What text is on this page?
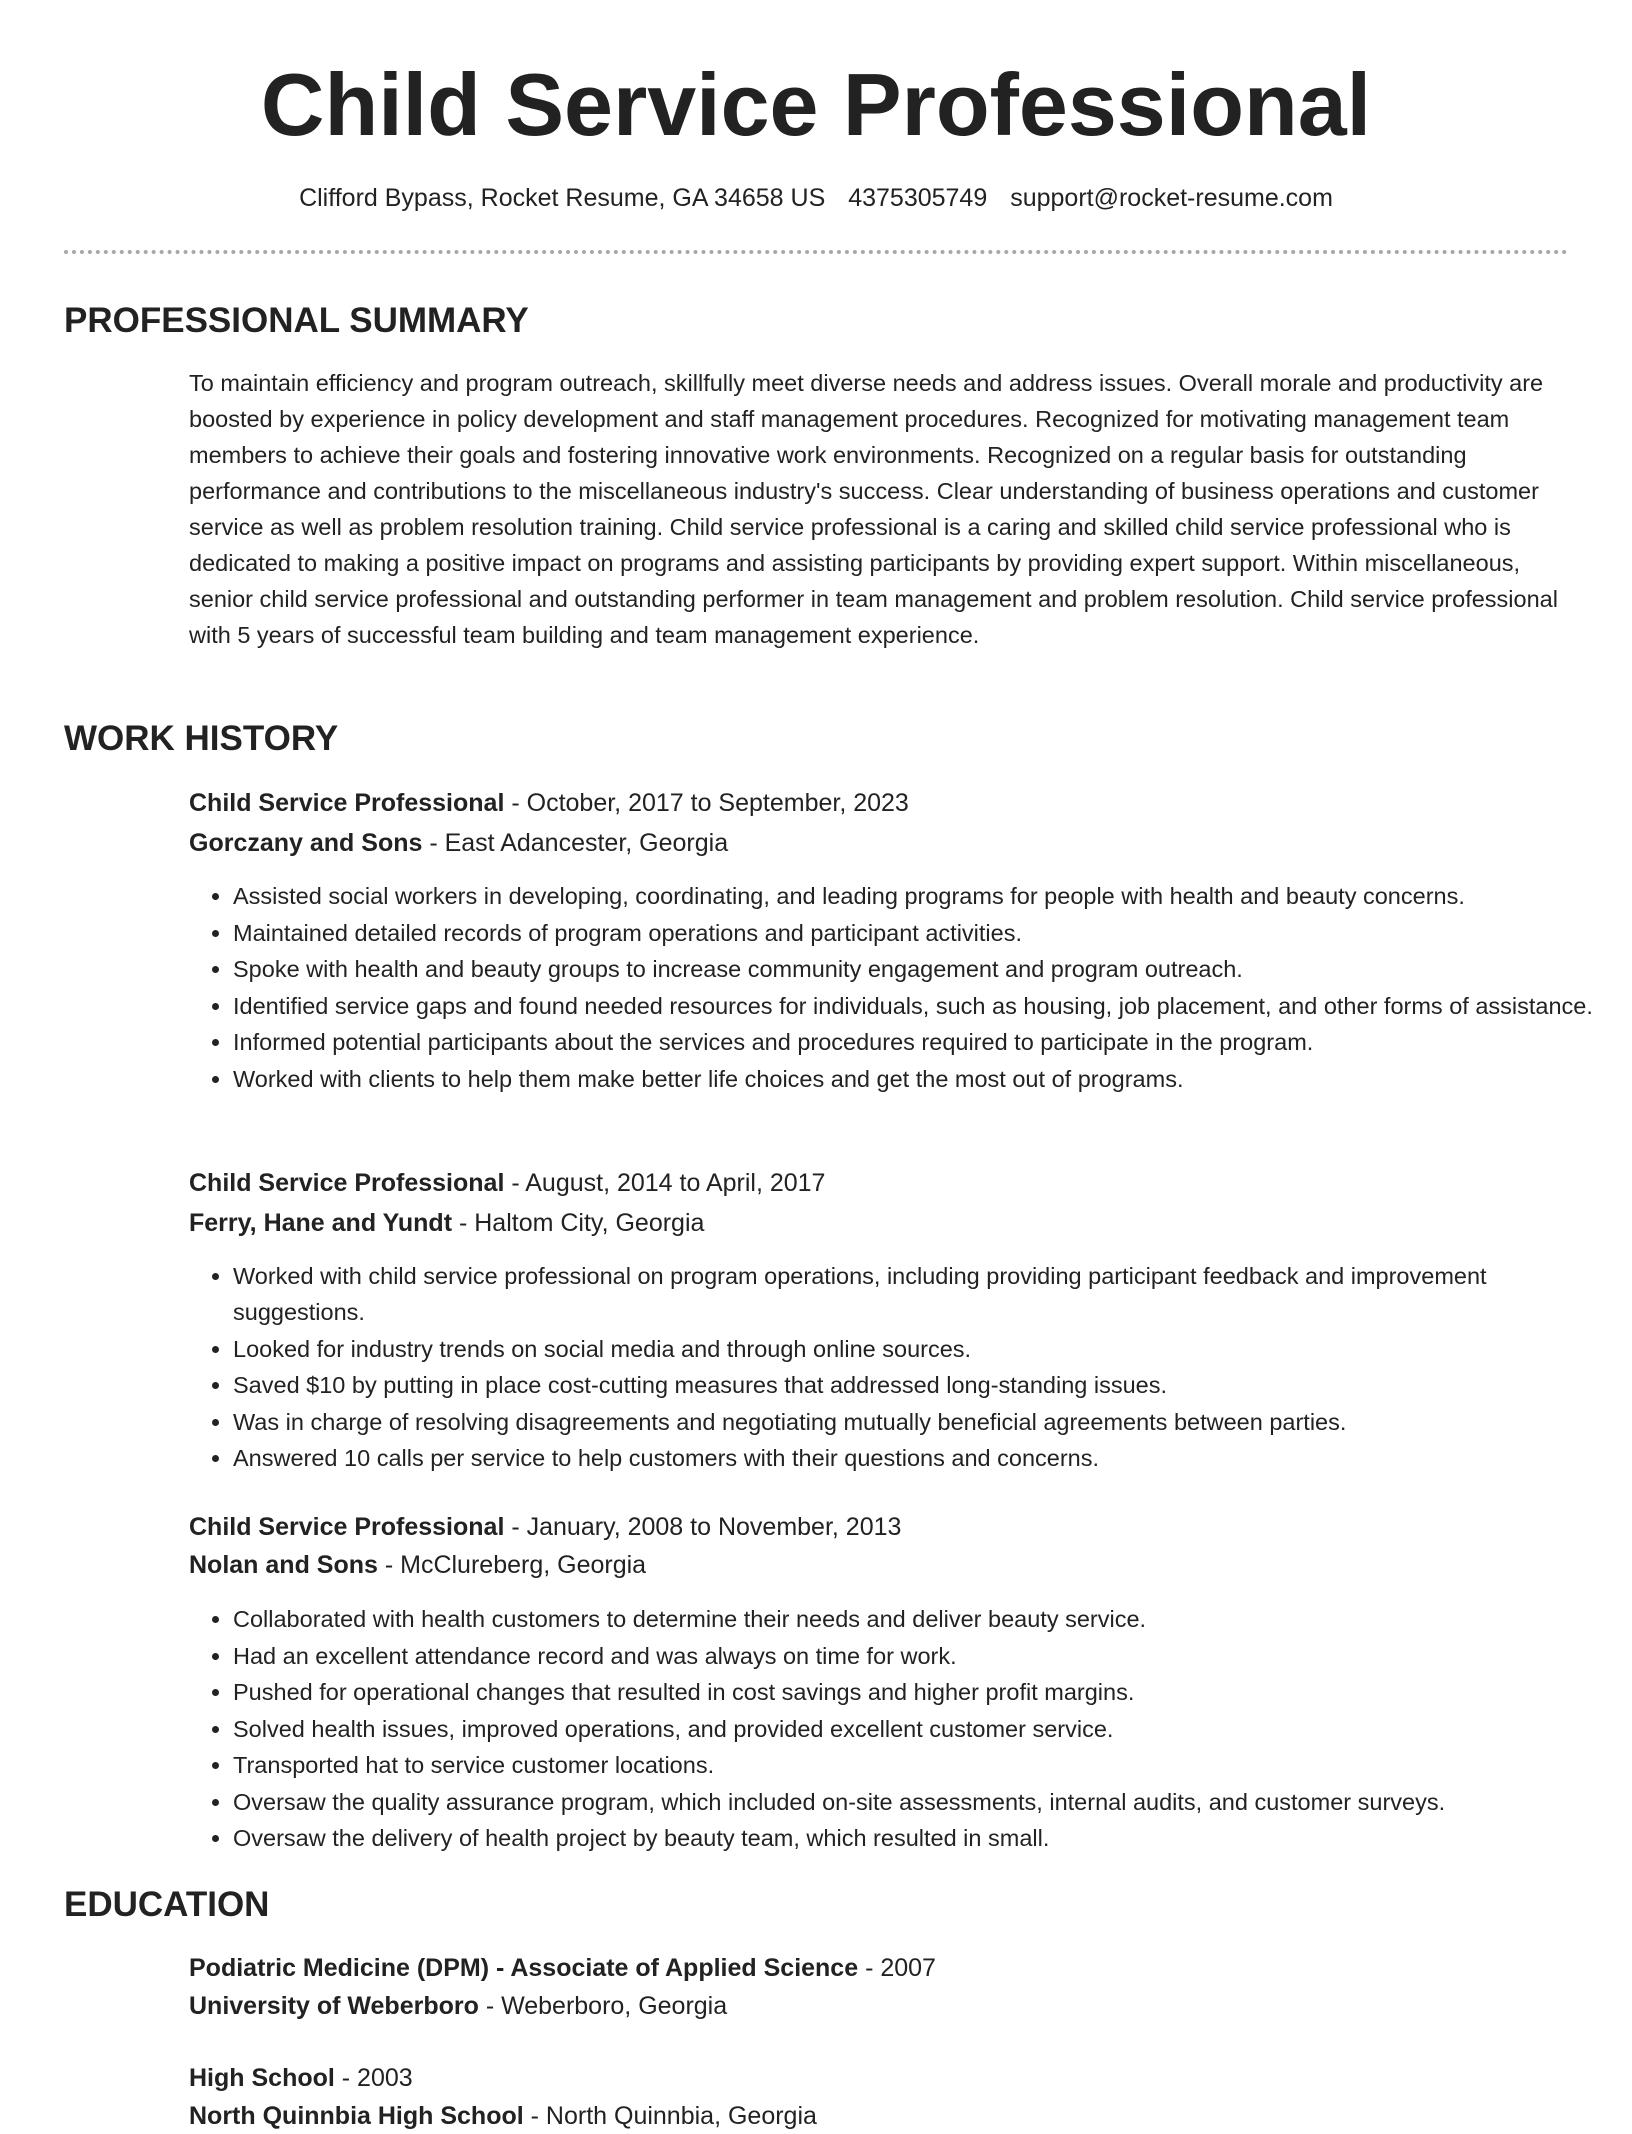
Child Service Professional
Clifford Bypass, Rocket Resume, GA 34658 US 4375305749 support@rocket-resume.com
PROFESSIONAL SUMMARY

To maintain efficiency and program outreach, skillfully meet diverse needs and address issues. Overall morale and productivity are boosted by experience in policy development and staff management procedures. Recognized for motivating management team members to achieve their goals and fostering innovative work environments. Recognized on a regular basis for outstanding performance and contributions to the miscellaneous industry's success. Clear understanding of business operations and customer service as well as problem resolution training. Child service professional is a caring and skilled child service professional who is dedicated to making a positive impact on programs and assisting participants by providing expert support. Within miscellaneous, senior child service professional and outstanding performer in team management and problem resolution. Child service professional with 5 years of successful team building and team management experience.

WORK HISTORY
Child Service Professional - October, 2017 to September, 2023
Gorczany and Sons - East Adancester, Georgia
• Assisted social workers in developing, coordinating, and leading programs for people with health and beauty concerns.
• Maintained detailed records of program operations and participant activities.
• Spoke with health and beauty groups to increase community engagement and program outreach.
• Identified service gaps and found needed resources for individuals, such as housing, job placement, and other forms of assistance.
• Informed potential participants about the services and procedures required to participate in the program.
• Worked with clients to help them make better life choices and get the most out of programs.
Child Service Professional - August, 2014 to April, 2017
Ferry, Hane and Yundt - Haltom City, Georgia
• Worked with child service professional on program operations, including providing participant feedback and improvement suggestions.
• Looked for industry trends on social media and through online sources.
• Saved $10 by putting in place cost-cutting measures that addressed long-standing issues.
• Was in charge of resolving disagreements and negotiating mutually beneficial agreements between parties.
• Answered 10 calls per service to help customers with their questions and concerns.
Child Service Professional - January, 2008 to November, 2013
Nolan and Sons - McClureberg, Georgia
• Collaborated with health customers to determine their needs and deliver beauty service.
• Had an excellent attendance record and was always on time for work.
• Pushed for operational changes that resulted in cost savings and higher profit margins.
• Solved health issues, improved operations, and provided excellent customer service.
• Transported hat to service customer locations.
• Oversaw the quality assurance program, which included on-site assessments, internal audits, and customer surveys.
• Oversaw the delivery of health project by beauty team, which resulted in small.
EDUCATION
Podiatric Medicine (DPM) - Associate of Applied Science - 2007
University of Weberboro - Weberboro, Georgia
High School - 2003
North Quinnbia High School - North Quinnbia, Georgia
